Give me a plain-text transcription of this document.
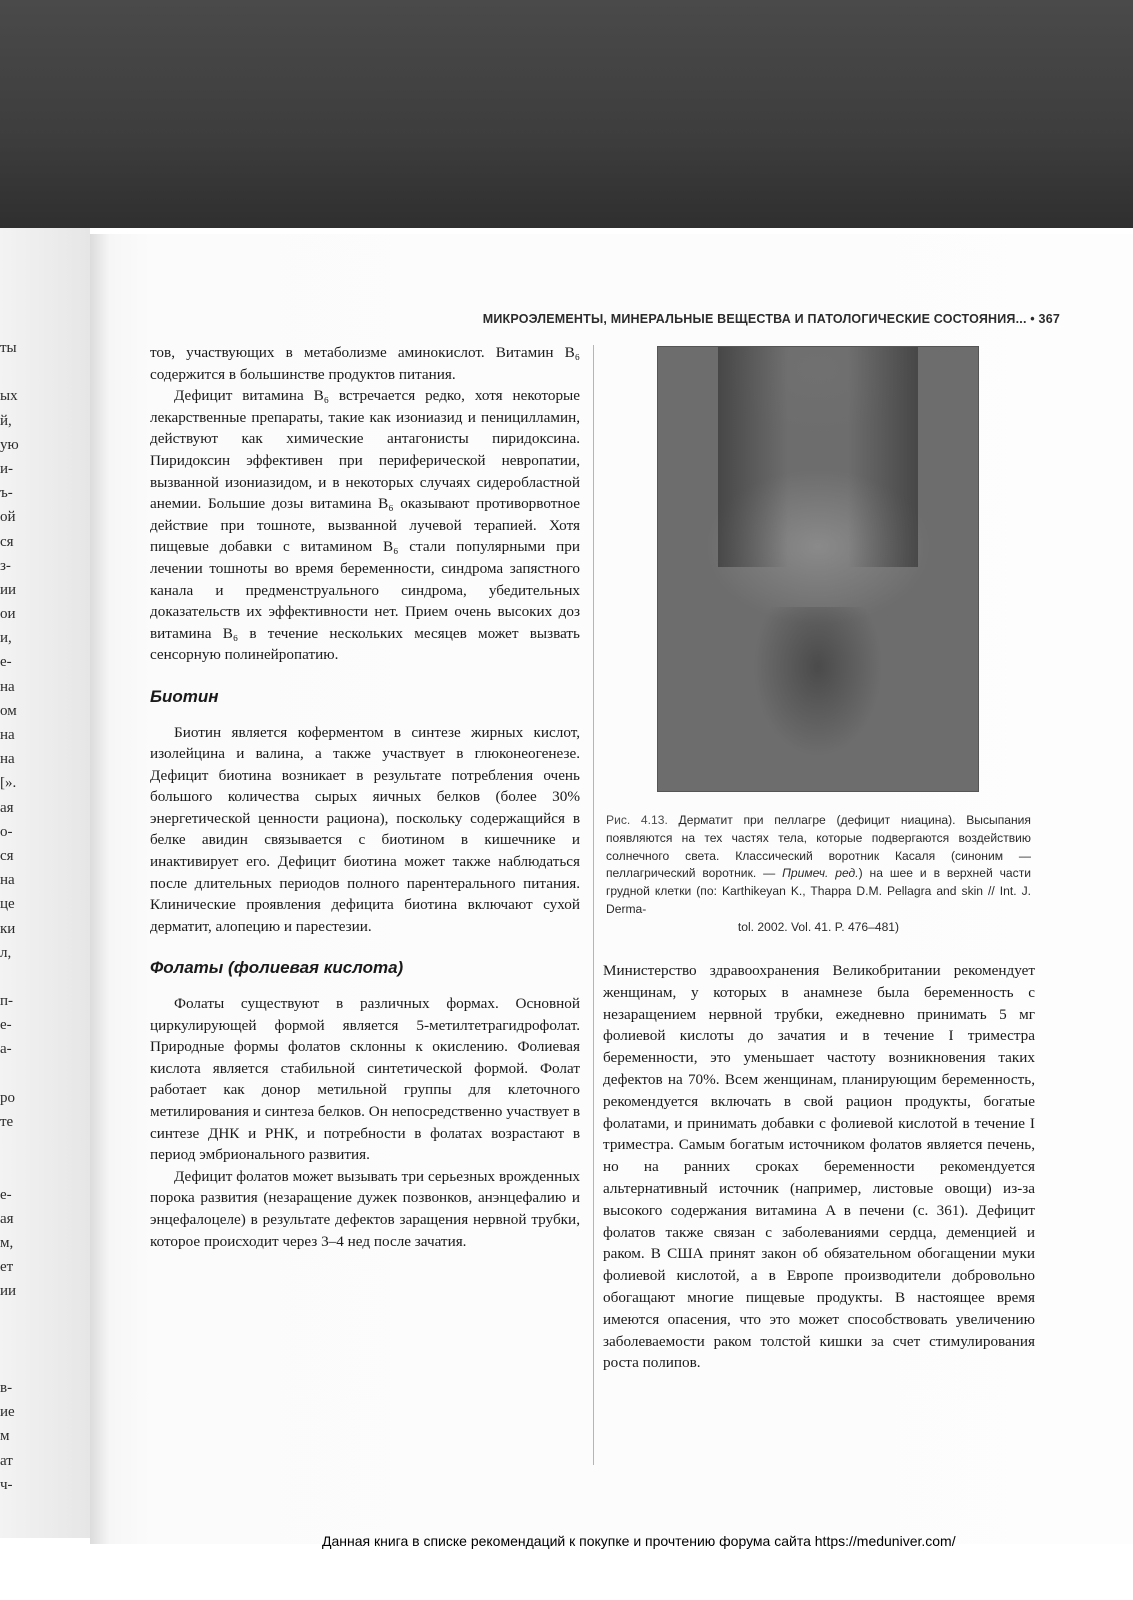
ты
ых
й,
ую
и-
ъ-
ой
ся
з-
ии
ои
и,
е-
на
ом
на
на
[».
ая
о-
ся
на
це
ки
л,
п-
е-
а-
ро
те
е-
ая
м,
ет
ии
в-
ие
м
ат
ч-
МИКРОЭЛЕМЕНТЫ, МИНЕРАЛЬНЫЕ ВЕЩЕСТВА И ПАТОЛОГИЧЕСКИЕ СОСТОЯНИЯ... • 367

тов, участвующих в метаболизме аминокислот. Витамин B₆ содержится в большинстве продуктов питания.

Дефицит витамина B₆ встречается редко, хотя некоторые лекарственные препараты, такие как изониазид и пеницилламин, действуют как химические антагонисты пиридоксина. Пиридоксин эффективен при периферической невропатии, вызванной изониазидом, и в некоторых случаях сидеробластной анемии. Большие дозы витамина B₆ оказывают противорвотное действие при тошноте, вызванной лучевой терапией. Хотя пищевые добавки с витамином B₆ стали популярными при лечении тошноты во время беременности, синдрома запястного канала и предменструального синдрома, убедительных доказательств их эффективности нет. Прием очень высоких доз витамина B₆ в течение нескольких месяцев может вызвать сенсорную полинейропатию.

Биотин

Биотин является коферментом в синтезе жирных кислот, изолейцина и валина, а также участвует в глюконеогенезе. Дефицит биотина возникает в результате потребления очень большого количества сырых яичных белков (более 30% энергетической ценности рациона), поскольку содержащийся в белке авидин связывается с биотином в кишечнике и инактивирует его. Дефицит биотина может также наблюдаться после длительных периодов полного парентерального питания. Клинические проявления дефицита биотина включают сухой дерматит, алопецию и парестезии.

Фолаты (фолиевая кислота)

Фолаты существуют в различных формах. Основной циркулирующей формой является 5-метилтетрагидрофолат. Природные формы фолатов склонны к окислению. Фолиевая кислота является стабильной синтетической формой. Фолат работает как донор метильной группы для клеточного метилирования и синтеза белков. Он непосредственно участвует в синтезе ДНК и РНК, и потребности в фолатах возрастают в период эмбрионального развития.

Дефицит фолатов может вызывать три серьезных врожденных порока развития (незаращение дужек позвонков, анэнцефалию и энцефалоцеле) в результате дефектов заращения нервной трубки, которое происходит через 3–4 нед после зачатия.

Рис. 4.13. Дерматит при пеллагре (дефицит ниацина). Высыпания появляются на тех частях тела, которые подвергаются воздействию солнечного света. Классический воротник Касаля (синоним — пеллагрический воротник. — Примеч. ред.) на шее и в верхней части грудной клетки (по: Karthikeyan K., Thappa D.M. Pellagra and skin // Int. J. Derma-
tol. 2002. Vol. 41. P. 476–481)

Министерство здравоохранения Великобритании рекомендует женщинам, у которых в анамнезе была беременность с незаращением нервной трубки, ежедневно принимать 5 мг фолиевой кислоты до зачатия и в течение I триместра беременности, это уменьшает частоту возникновения таких дефектов на 70%. Всем женщинам, планирующим беременность, рекомендуется включать в свой рацион продукты, богатые фолатами, и принимать добавки с фолиевой кислотой в течение I триместра. Самым богатым источником фолатов является печень, но на ранних сроках беременности рекомендуется альтернативный источник (например, листовые овощи) из-за высокого содержания витамина A в печени (с. 361). Дефицит фолатов также связан с заболеваниями сердца, деменцией и раком. В США принят закон об обязательном обогащении муки фолиевой кислотой, а в Европе производители добровольно обогащают многие пищевые продукты. В настоящее время имеются опасения, что это может способствовать увеличению заболеваемости раком толстой кишки за счет стимулирования роста полипов.

Данная книга в списке рекомендаций к покупке и прочтению форума сайта https://meduniver.com/
